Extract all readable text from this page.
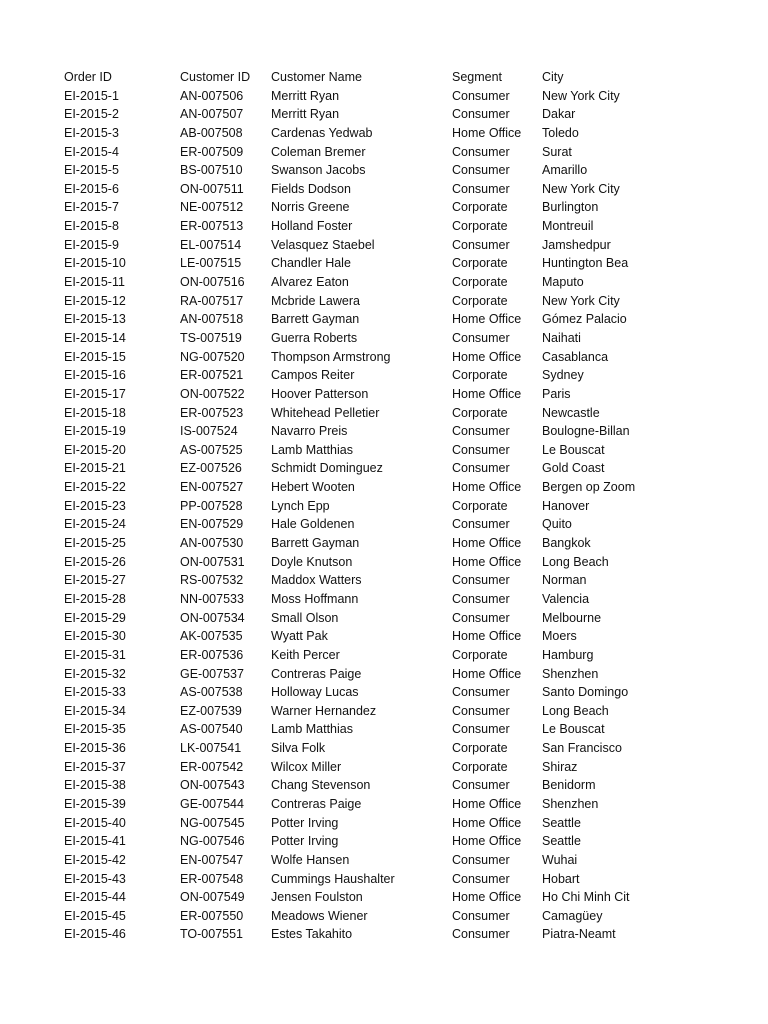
Order ID	Customer ID	Customer Name	Segment	City
EI-2015-1	AN-007506	Merritt Ryan	Consumer	New York City
EI-2015-2	AN-007507	Merritt Ryan	Consumer	Dakar
EI-2015-3	AB-007508	Cardenas Yedwab	Home Office	Toledo
EI-2015-4	ER-007509	Coleman Bremer	Consumer	Surat
EI-2015-5	BS-007510	Swanson Jacobs	Consumer	Amarillo
EI-2015-6	ON-007511	Fields Dodson	Consumer	New York City
EI-2015-7	NE-007512	Norris Greene	Corporate	Burlington
EI-2015-8	ER-007513	Holland Foster	Corporate	Montreuil
EI-2015-9	EL-007514	Velasquez Staebel	Consumer	Jamshedpur
EI-2015-10	LE-007515	Chandler Hale	Corporate	Huntington Bea
EI-2015-11	ON-007516	Alvarez Eaton	Corporate	Maputo
EI-2015-12	RA-007517	Mcbride Lawera	Corporate	New York City
EI-2015-13	AN-007518	Barrett Gayman	Home Office	Gómez Palacio
EI-2015-14	TS-007519	Guerra Roberts	Consumer	Naihati
EI-2015-15	NG-007520	Thompson Armstrong	Home Office	Casablanca
EI-2015-16	ER-007521	Campos Reiter	Corporate	Sydney
EI-2015-17	ON-007522	Hoover Patterson	Home Office	Paris
EI-2015-18	ER-007523	Whitehead Pelletier	Corporate	Newcastle
EI-2015-19	IS-007524	Navarro Preis	Consumer	Boulogne-Billan
EI-2015-20	AS-007525	Lamb Matthias	Consumer	Le Bouscat
EI-2015-21	EZ-007526	Schmidt Dominguez	Consumer	Gold Coast
EI-2015-22	EN-007527	Hebert Wooten	Home Office	Bergen op Zoom
EI-2015-23	PP-007528	Lynch Epp	Corporate	Hanover
EI-2015-24	EN-007529	Hale Goldenen	Consumer	Quito
EI-2015-25	AN-007530	Barrett Gayman	Home Office	Bangkok
EI-2015-26	ON-007531	Doyle Knutson	Home Office	Long Beach
EI-2015-27	RS-007532	Maddox Watters	Consumer	Norman
EI-2015-28	NN-007533	Moss Hoffmann	Consumer	Valencia
EI-2015-29	ON-007534	Small Olson	Consumer	Melbourne
EI-2015-30	AK-007535	Wyatt Pak	Home Office	Moers
EI-2015-31	ER-007536	Keith Percer	Corporate	Hamburg
EI-2015-32	GE-007537	Contreras Paige	Home Office	Shenzhen
EI-2015-33	AS-007538	Holloway Lucas	Consumer	Santo Domingo
EI-2015-34	EZ-007539	Warner Hernandez	Consumer	Long Beach
EI-2015-35	AS-007540	Lamb Matthias	Consumer	Le Bouscat
EI-2015-36	LK-007541	Silva Folk	Corporate	San Francisco
EI-2015-37	ER-007542	Wilcox Miller	Corporate	Shiraz
EI-2015-38	ON-007543	Chang Stevenson	Consumer	Benidorm
EI-2015-39	GE-007544	Contreras Paige	Home Office	Shenzhen
EI-2015-40	NG-007545	Potter Irving	Home Office	Seattle
EI-2015-41	NG-007546	Potter Irving	Home Office	Seattle
EI-2015-42	EN-007547	Wolfe Hansen	Consumer	Wuhai
EI-2015-43	ER-007548	Cummings Haushalter	Consumer	Hobart
EI-2015-44	ON-007549	Jensen Foulston	Home Office	Ho Chi Minh Cit
EI-2015-45	ER-007550	Meadows Wiener	Consumer	Camagüey
EI-2015-46	TO-007551	Estes Takahito	Consumer	Piatra-Neamt
